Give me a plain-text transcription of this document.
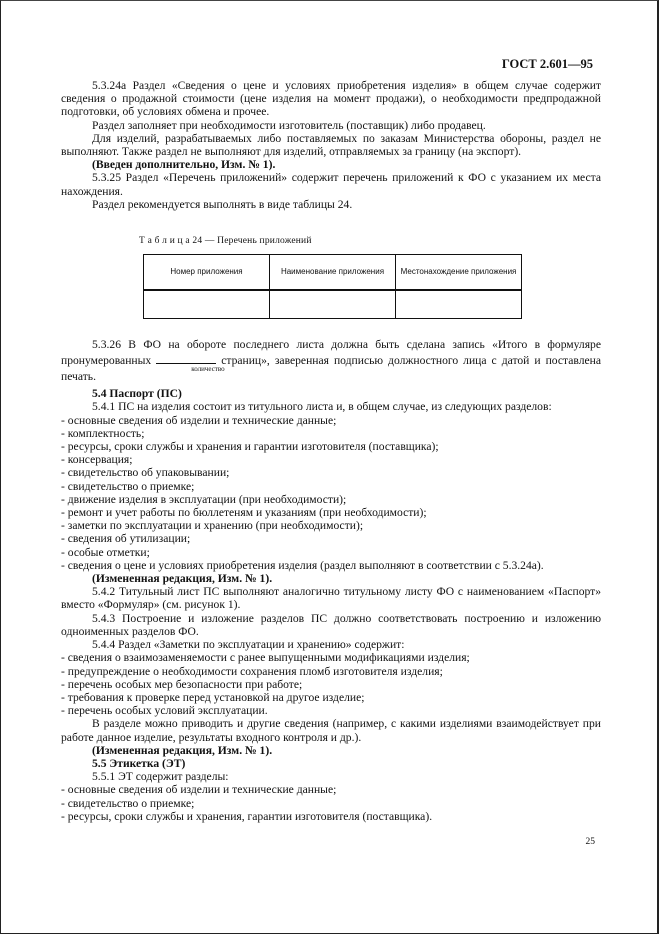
ГОСТ 2.601—95

5.3.24а Раздел «Сведения о цене и условиях приобретения изделия» в общем случае содержит сведения о продажной стоимости (цене изделия на момент продажи), о необходимости предпродажной подготовки, об условиях обмена и прочее.

Раздел заполняет при необходимости изготовитель (поставщик) либо продавец.

Для изделий, разрабатываемых либо поставляемых по заказам Министерства обороны, раздел не выполняют. Также раздел не выполняют для изделий, отправляемых за границу (на экспорт).

(Введен дополнительно, Изм. № 1).

5.3.25 Раздел «Перечень приложений» содержит перечень приложений к ФО с указанием их места нахождения.

Раздел рекомендуется выполнять в виде таблицы 24.

Т а б л и ц а 24 — Перечень приложений
Номер приложения	Наименование приложения	Местонахождение приложения

5.3.26 В ФО на обороте последнего листа должна быть сделана запись «Итого в формуляре пронумерованных
количество
страниц», заверенная подписью должностного лица с датой и поставлена печать.

5.4 Паспорт (ПС)

5.4.1 ПС на изделия состоит из титульного листа и, в общем случае, из следующих разделов:

- основные сведения об изделии и технические данные;

- комплектность;

- ресурсы, сроки службы и хранения и гарантии изготовителя (поставщика);

- консервация;

- свидетельство об упаковывании;

- свидетельство о приемке;

- движение изделия в эксплуатации (при необходимости);

- ремонт и учет работы по бюллетеням и указаниям (при необходимости);

- заметки по эксплуатации и хранению (при необходимости);

- сведения об утилизации;

- особые отметки;

- сведения о цене и условиях приобретения изделия (раздел выполняют в соответствии с 5.3.24а).

(Измененная редакция, Изм. № 1).

5.4.2 Титульный лист ПС выполняют аналогично титульному листу ФО с наименованием «Паспорт» вместо «Формуляр» (см. рисунок 1).

5.4.3 Построение и изложение разделов ПС должно соответствовать построению и изложению одноименных разделов ФО.

5.4.4 Раздел «Заметки по эксплуатации и хранению» содержит:

- сведения о взаимозаменяемости с ранее выпущенными модификациями изделия;

- предупреждение о необходимости сохранения пломб изготовителя изделия;

- перечень особых мер безопасности при работе;

- требования к проверке перед установкой на другое изделие;

- перечень особых условий эксплуатации.

В разделе можно приводить и другие сведения (например, с какими изделиями взаимодействует при работе данное изделие, результаты входного контроля и др.).

(Измененная редакция, Изм. № 1).

5.5 Этикетка (ЭТ)

5.5.1 ЭТ содержит разделы:

- основные сведения об изделии и технические данные;

- свидетельство о приемке;

- ресурсы, сроки службы и хранения, гарантии изготовителя (поставщика).

25
